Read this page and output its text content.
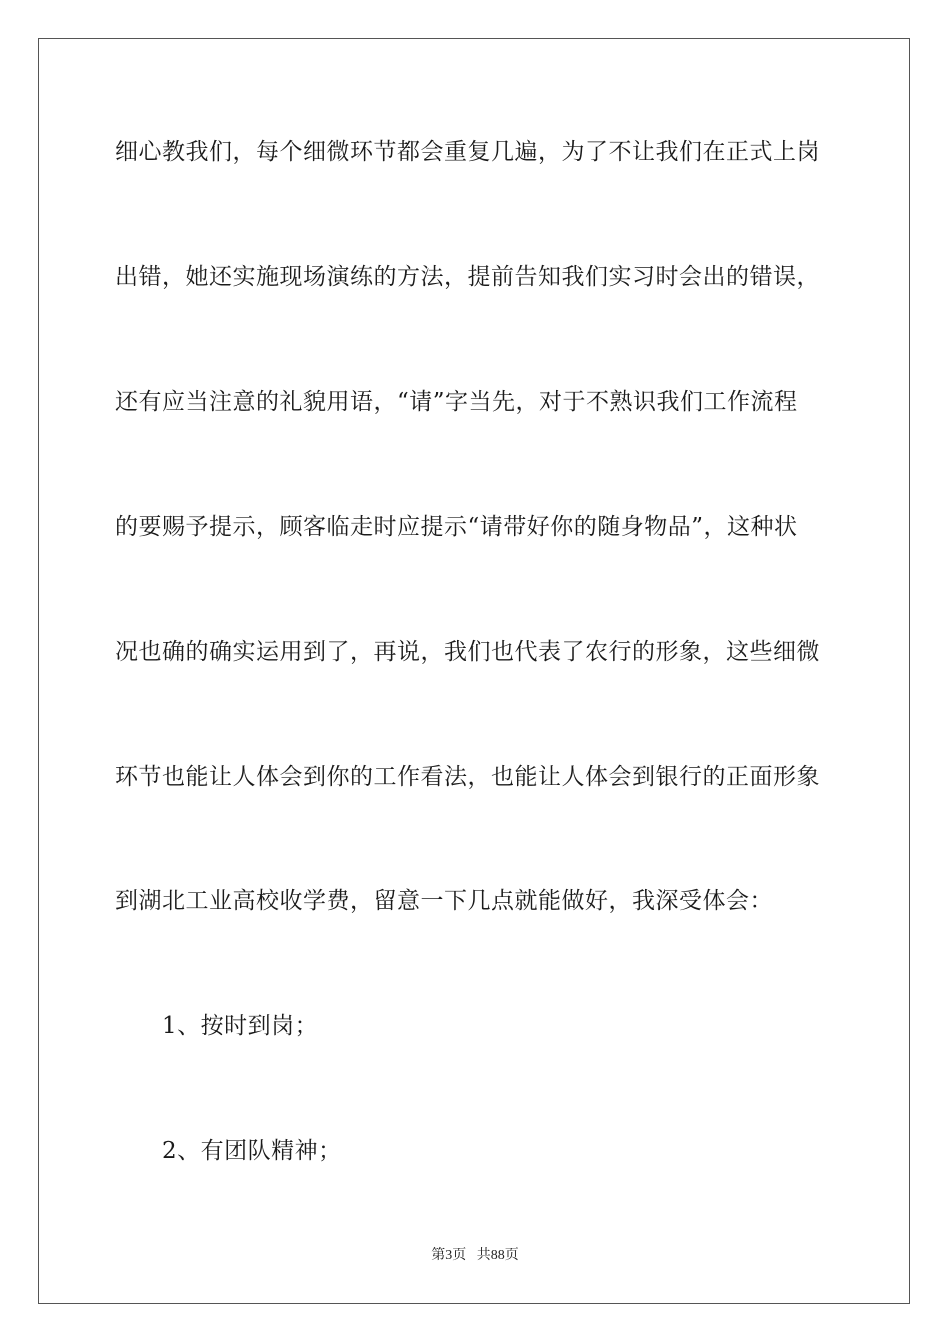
细心教我们，每个细微环节都会重复几遍，为了不让我们在正式上岗
出错，她还实施现场演练的方法，提前告知我们实习时会出的错误，
还有应当注意的礼貌用语，“请”字当先，对于不熟识我们工作流程
的要赐予提示，顾客临走时应提示“请带好你的随身物品”，这种状
况也确的确实运用到了，再说，我们也代表了农行的形象，这些细微
环节也能让人体会到你的工作看法，也能让人体会到银行的正面形象
到湖北工业高校收学费，留意一下几点就能做好，我深受体会：
1、按时到岗；
2、有团队精神；
第3页 共88页
